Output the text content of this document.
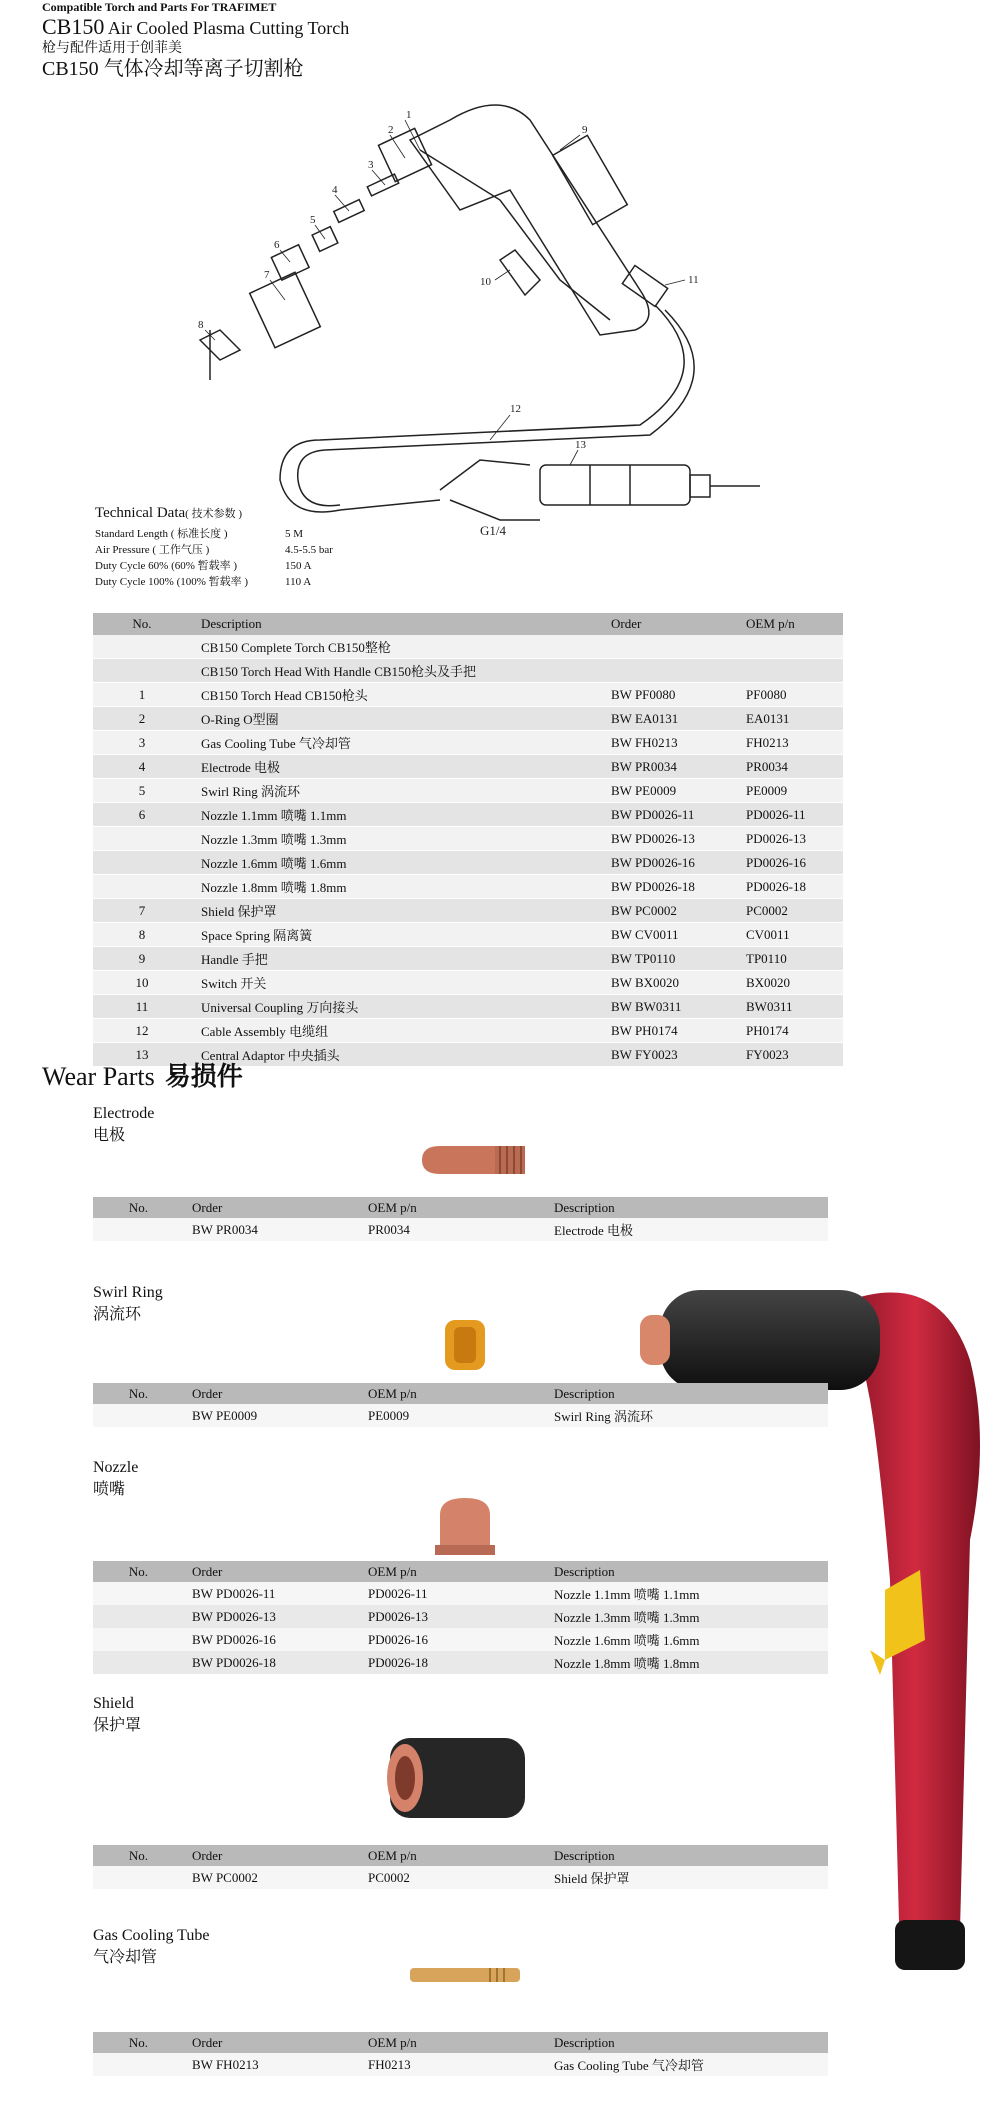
Compatible Torch and Parts For TRAFIMET
CB150 Air Cooled Plasma Cutting Torch
枪与配件适用于创菲美
CB150 气体冷却等离子切割枪
1
2
3
4
5
6
7
8
9
10	11
12
13
G1/4
Technical Data( 技术参数 )
Standard Length ( 标准长度 )	5 M
Air Pressure ( 工作气压 )	4.5-5.5 bar
Duty Cycle 60% (60% 暂载率 )	150 A
Duty Cycle 100% (100% 暂载率 )	110 A
No.	Description	Order	OEM p/n
	CB150 Complete Torch CB150整枪		
	CB150 Torch Head With Handle CB150枪头及手把		
1	CB150 Torch Head CB150枪头	BW PF0080	PF0080
2	O-Ring O型圈	BW EA0131	EA0131
3	Gas Cooling Tube 气冷却管	BW FH0213	FH0213
4	Electrode 电极	BW PR0034	PR0034
5	Swirl Ring 涡流环	BW PE0009	PE0009
6	Nozzle 1.1mm 喷嘴 1.1mm	BW PD0026-11	PD0026-11
	Nozzle 1.3mm 喷嘴 1.3mm	BW PD0026-13	PD0026-13
	Nozzle 1.6mm 喷嘴 1.6mm	BW PD0026-16	PD0026-16
	Nozzle 1.8mm 喷嘴 1.8mm	BW PD0026-18	PD0026-18
7	Shield 保护罩	BW PC0002	PC0002
8	Space Spring 隔离簧	BW CV0011	CV0011
9	Handle 手把	BW TP0110	TP0110
10	Switch 开关	BW BX0020	BX0020
11	Universal Coupling 万向接头	BW BW0311	BW0311
12	Cable Assembly 电缆组	BW PH0174	PH0174
13	Central Adaptor 中央插头	BW FY0023	FY0023
Wear Parts 易损件
Electrode
电极
No.	Order	OEM p/n	Description
	BW PR0034	PR0034	Electrode 电极
Swirl Ring
涡流环
No.	Order	OEM p/n	Description
	BW PE0009	PE0009	Swirl Ring 涡流环
Nozzle
喷嘴
No.	Order	OEM p/n	Description
	BW PD0026-11	PD0026-11	Nozzle 1.1mm 喷嘴 1.1mm
	BW PD0026-13	PD0026-13	Nozzle 1.3mm 喷嘴 1.3mm
	BW PD0026-16	PD0026-16	Nozzle 1.6mm 喷嘴 1.6mm
	BW PD0026-18	PD0026-18	Nozzle 1.8mm 喷嘴 1.8mm
Shield
保护罩
No.	Order	OEM p/n	Description
	BW PC0002	PC0002	Shield 保护罩
Gas Cooling Tube
气冷却管
No.	Order	OEM p/n	Description
	BW FH0213	FH0213	Gas Cooling Tube 气冷却管
